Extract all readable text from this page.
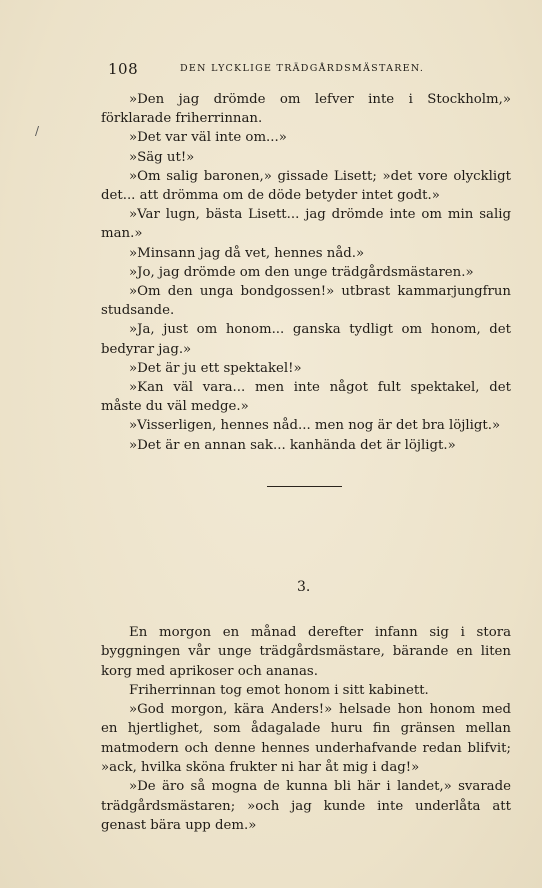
108	DEN LYCKLIGE TRÄDGÅRDSMÄSTAREN.
/

»Den jag drömde om lefver inte i Stockholm,» förklarade friherrinnan.

»Det var väl inte om...»

»Säg ut!»

»Om salig baronen,» gissade Lisett; »det vore olyckligt det... att drömma om de döde betyder intet godt.»

»Var lugn, bästa Lisett... jag drömde inte om min salig man.»

»Minsann jag då vet, hennes nåd.»

»Jo, jag drömde om den unge trädgårdsmästaren.»

»Om den unga bondgossen!» utbrast kammarjungfrun studsande.

»Ja, just om honom... ganska tydligt om honom, det bedyrar jag.»

»Det är ju ett spektakel!»

»Kan väl vara... men inte något fult spektakel, det måste du väl medge.»

»Visserligen, hennes nåd... men nog är det bra löjligt.»

»Det är en annan sak... kanhända det är löjligt.»

3.

En morgon en månad derefter infann sig i stora byggningen vår unge trädgårdsmästare, bärande en liten korg med aprikoser och ananas.

Friherrinnan tog emot honom i sitt kabinett.

»God morgon, kära Anders!» helsade hon honom med en hjertlighet, som ådagalade huru fin gränsen mellan matmodern och denne hennes underhafvande redan blifvit; »ack, hvilka sköna frukter ni har åt mig i dag!»

»De äro så mogna de kunna bli här i landet,» svarade trädgårdsmästaren; »och jag kunde inte underlåta att genast bära upp dem.»
